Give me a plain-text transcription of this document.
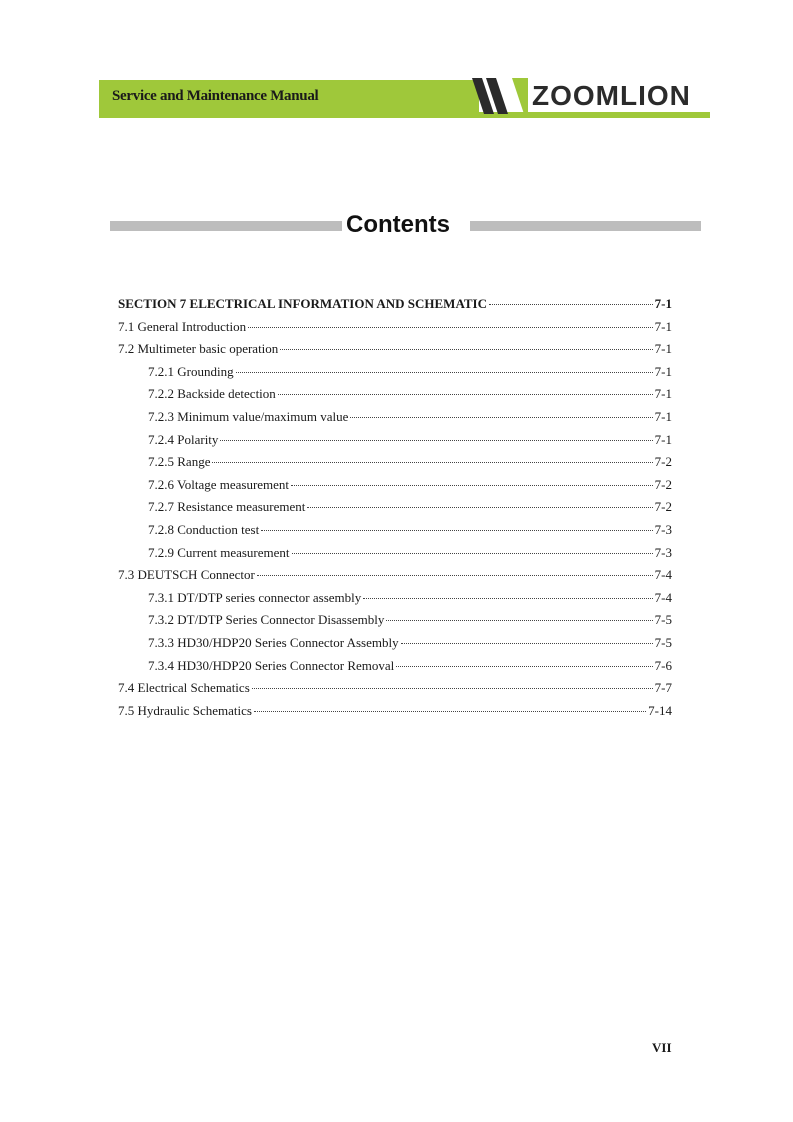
Service and Maintenance Manual	ZOOMLION
Contents
SECTION 7 ELECTRICAL INFORMATION AND SCHEMATIC	7-1
7.1 General Introduction	7-1
7.2 Multimeter basic operation	7-1
7.2.1 Grounding	7-1
7.2.2 Backside detection	7-1
7.2.3 Minimum value/maximum value	7-1
7.2.4 Polarity	7-1
7.2.5 Range	7-2
7.2.6 Voltage measurement	7-2
7.2.7 Resistance measurement	7-2
7.2.8 Conduction test	7-3
7.2.9 Current measurement	7-3
7.3 DEUTSCH Connector	7-4
7.3.1 DT/DTP series connector assembly	7-4
7.3.2 DT/DTP Series Connector Disassembly	7-5
7.3.3 HD30/HDP20 Series Connector Assembly	7-5
7.3.4 HD30/HDP20 Series Connector Removal	7-6
7.4 Electrical Schematics	7-7
7.5 Hydraulic Schematics	7-14
VII
